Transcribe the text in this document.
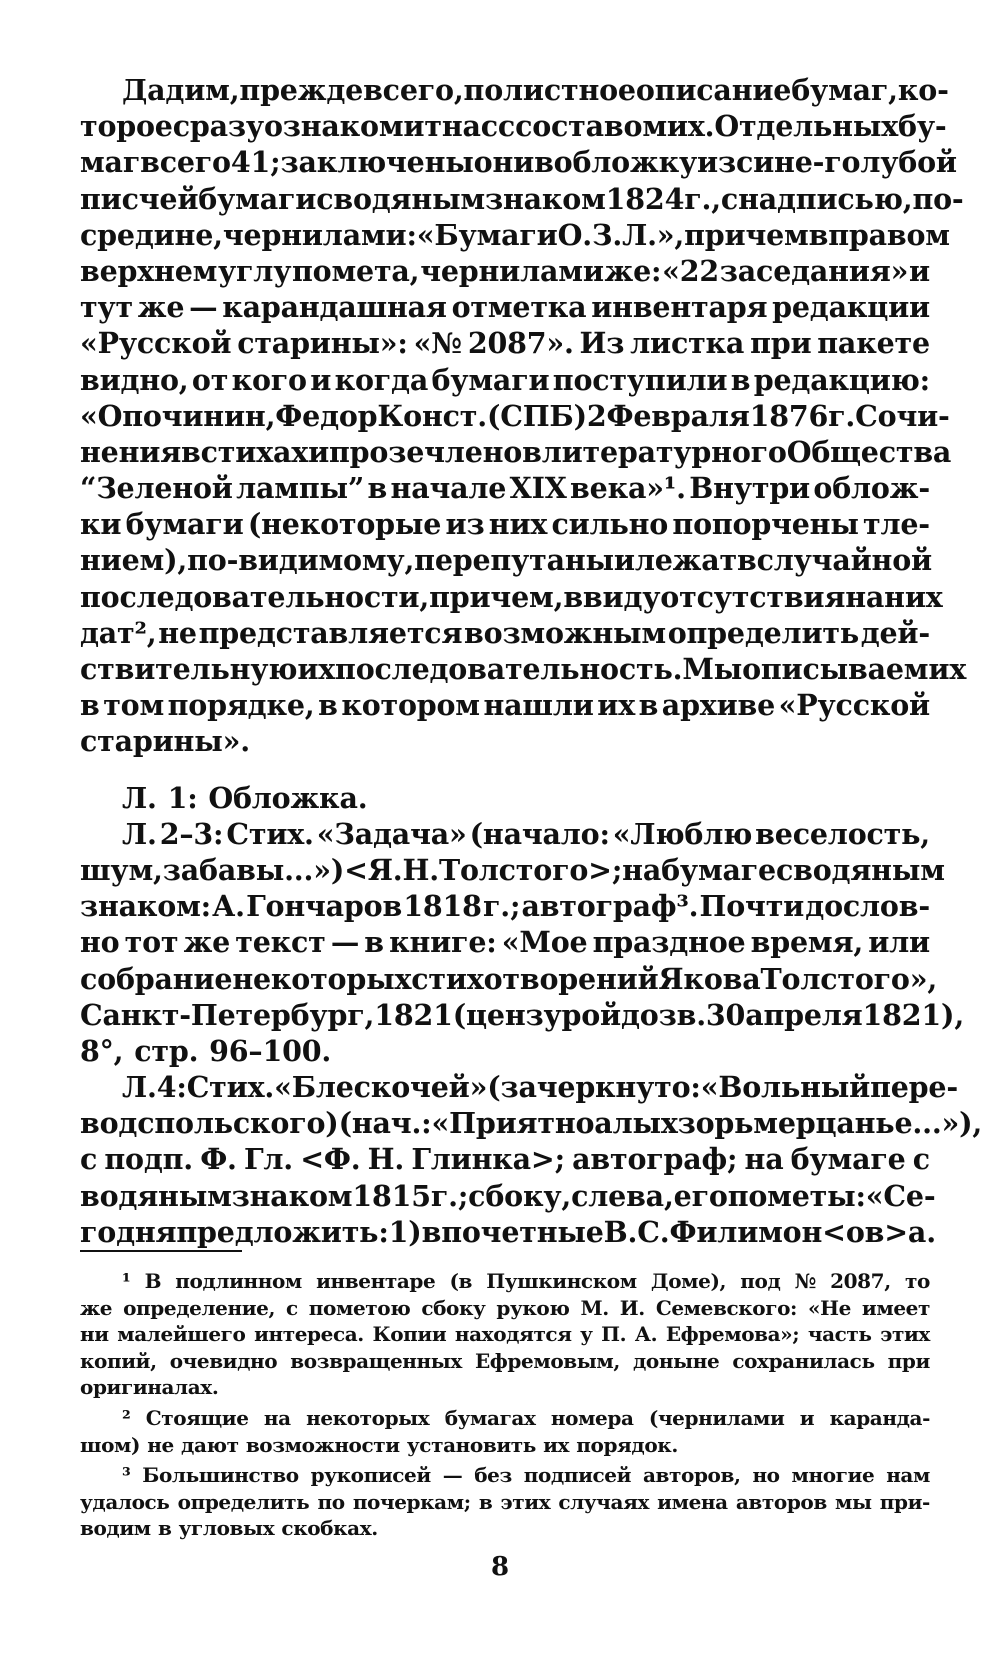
Дадим, прежде всего, полистное описание бумаг, ко-
торое сразу ознакомит нас с составом их. Отдельных бу-
маг всего 41; заключены они в обложку из сине-голубой
писчей бумаги с водяным знаком 1824 г., с надписью, по-
средине, чернилами: «Бумаги О. З. Л.», причем в правом
верхнем углу помета, чернилами же: «22 заседания» и
тут же — карандашная отметка инвентаря редакции
«Русской старины»: «№ 2087». Из листка при пакете
видно, от кого и когда бумаги поступили в редакцию:
«Опочинин, Федор Конст. (СПБ) 2 Февраля 1876 г. Сочи-
нения в стихах и прозе членов литературного Общества
“Зеленой лампы” в начале XIX века»¹. Внутри облож-
ки бумаги (некоторые из них сильно попорчены тле-
нием), по-видимому, перепутаны и лежат в случайной
последовательности, причем, ввиду отсутствия на них
дат², не представляется возможным определить дей-
ствительную их последовательность. Мы описываем их
в том порядке, в котором нашли их в архиве «Русской
старины».
Л. 1: Обложка.
Л. 2–3: Стих. «Задача» (начало: «Люблю веселость,
шум, забавы...») <Я. Н. Толстого>; на бумаге с водяным
знаком: А. Гончаров 1818 г.; автограф³. Почти дослов-
но тот же текст — в книге: «Мое праздное время, или
собрание некоторых стихотворений Якова Толстого»,
Санкт-Петербург, 1821 (цензурой дозв. 30 апреля 1821),
8°, стр. 96–100.
Л. 4: Стих. «Блеск очей» (зачеркнуто: «Вольный пере-
вод с польского) (нач.: «Приятно алых зорь мерцанье...»),
с подп. Ф. Гл. <Ф. Н. Глинка>; автограф; на бумаге с
водяным знаком 1815 г.; сбоку, слева, его пометы: «Се-
годня предложить: 1) в почетные В. С. Филимон<ов>а.
¹ В подлинном инвентаре (в Пушкинском Доме), под № 2087, то
же определение, с пометою сбоку рукою М. И. Семевского: «Не имеет
ни малейшего интереса. Копии находятся у П. А. Ефремова»; часть этих
копий, очевидно возвращенных Ефремовым, доныне сохранилась при
оригиналах.
² Стоящие на некоторых бумагах номера (чернилами и каранда-
шом) не дают возможности установить их порядок.
³ Большинство рукописей — без подписей авторов, но многие нам
удалось определить по почеркам; в этих случаях имена авторов мы при-
водим в угловых скобках.
8
